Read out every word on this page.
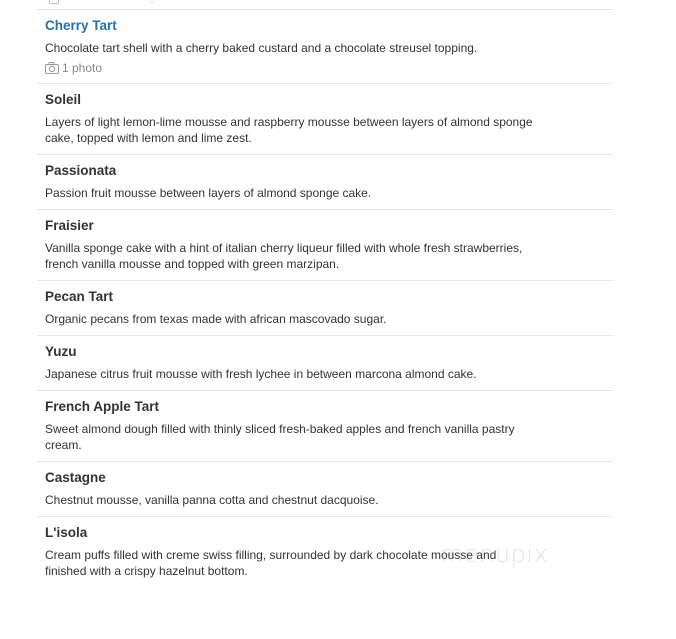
Cherry Tart
Chocolate tart shell with a cherry baked custard and a chocolate streusel topping.
1 photo
Soleil
Layers of light lemon-lime mousse and raspberry mousse between layers of almond sponge cake, topped with lemon and lime zest.
Passionata
Passion fruit mousse between layers of almond sponge cake.
Fraisier
Vanilla sponge cake with a hint of italian cherry liqueur filled with whole fresh strawberries, french vanilla mousse and topped with green marzipan.
Pecan Tart
Organic pecans from texas made with african mascovado sugar.
Yuzu
Japanese citrus fruit mousse with fresh lychee in between marcona almond cake.
French Apple Tart
Sweet almond dough filled with thinly sliced fresh-baked apples and french vanilla pastry cream.
Castagne
Chestnut mousse, vanilla panna cotta and chestnut dacquoise.
L'isola
Cream puffs filled with creme swiss filling, surrounded by dark chocolate mousse and finished with a crispy hazelnut bottom.
menupix
